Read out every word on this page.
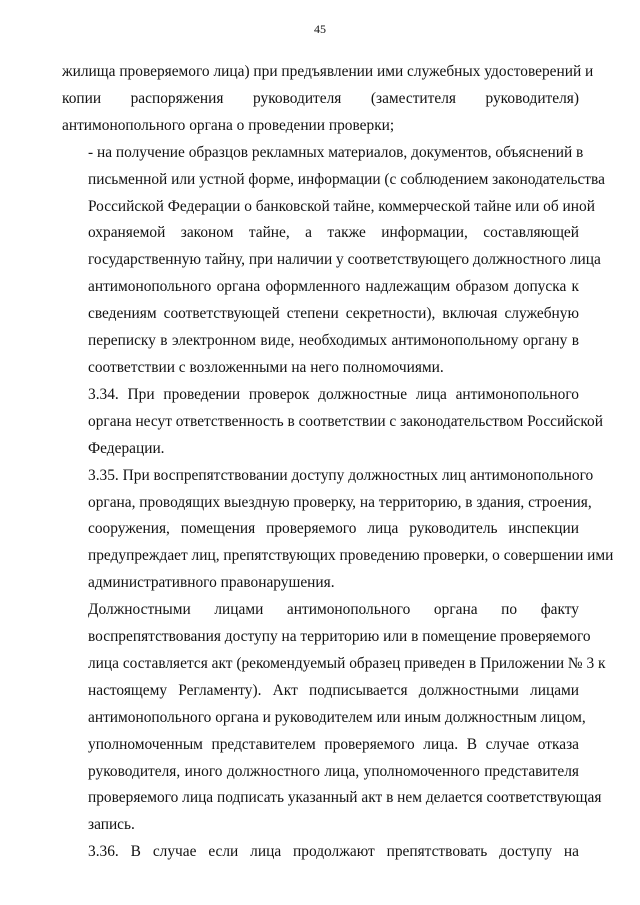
45

жилища проверяемого лица) при предъявлении ими служебных удостоверений и
копии распоряжения руководителя (заместителя руководителя)
антимонопольного органа о проведении проверки;

- на получение образцов рекламных материалов, документов, объяснений в
письменной или устной форме, информации (с соблюдением законодательства
Российской Федерации о банковской тайне, коммерческой тайне или об иной
охраняемой законом тайне, а также информации, составляющей
государственную тайну, при наличии у соответствующего должностного лица
антимонопольного органа оформленного надлежащим образом допуска к
сведениям соответствующей степени секретности), включая служебную
переписку в электронном виде, необходимых антимонопольному органу в
соответствии с возложенными на него полномочиями.

3.34. При проведении проверок должностные лица антимонопольного
органа несут ответственность в соответствии с законодательством Российской
Федерации.

3.35. При воспрепятствовании доступу должностных лиц антимонопольного
органа, проводящих выездную проверку, на территорию, в здания, строения,
сооружения, помещения проверяемого лица руководитель инспекции
предупреждает лиц, препятствующих проведению проверки, о совершении ими
административного правонарушения.

Должностными лицами антимонопольного органа по факту
воспрепятствования доступу на территорию или в помещение проверяемого
лица составляется акт (рекомендуемый образец приведен в Приложении № 3 к
настоящему Регламенту). Акт подписывается должностными лицами
антимонопольного органа и руководителем или иным должностным лицом,
уполномоченным представителем проверяемого лица. В случае отказа
руководителя, иного должностного лица, уполномоченного представителя
проверяемого лица подписать указанный акт в нем делается соответствующая
запись.

3.36. В случае если лица продолжают препятствовать доступу на
